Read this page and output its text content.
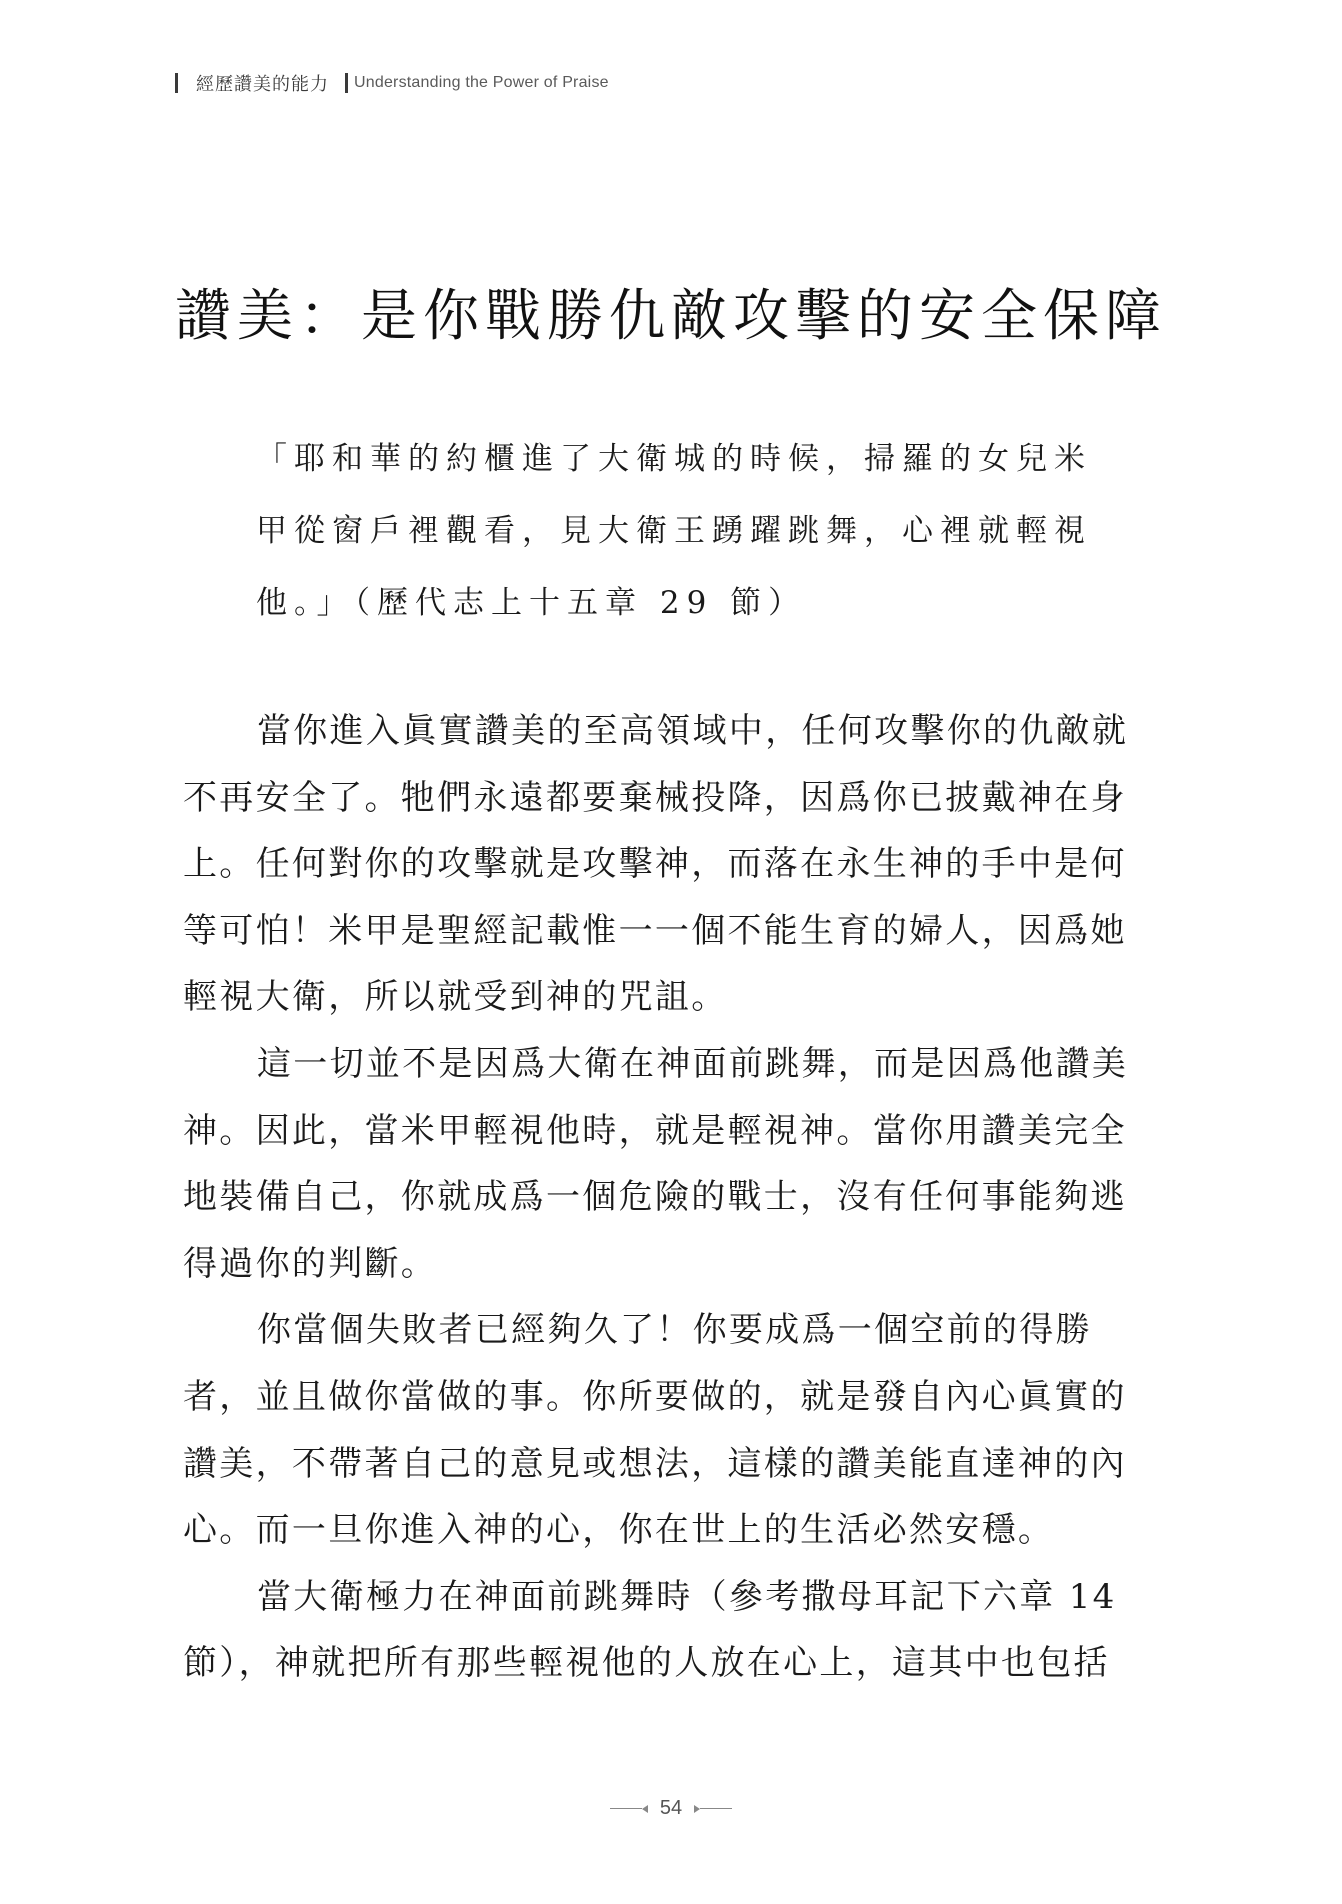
經歷讚美的能力 Understanding the Power of Praise
讚美：是你戰勝仇敵攻擊的安全保障
「耶和華的約櫃進了大衛城的時候，掃羅的女兒米
甲從窗戶裡觀看，見大衛王踴躍跳舞，心裡就輕視
他。」（歷代志上十五章 29 節）
當你進入眞實讚美的至高領域中，任何攻擊你的仇敵就
不再安全了。牠們永遠都要棄械投降，因爲你已披戴神在身
上。任何對你的攻擊就是攻擊神，而落在永生神的手中是何
等可怕！米甲是聖經記載惟一一個不能生育的婦人，因爲她
輕視大衛，所以就受到神的咒詛。
這一切並不是因爲大衛在神面前跳舞，而是因爲他讚美
神。因此，當米甲輕視他時，就是輕視神。當你用讚美完全
地裝備自己，你就成爲一個危險的戰士，沒有任何事能夠逃
得過你的判斷。
你當個失敗者已經夠久了！你要成爲一個空前的得勝
者，並且做你當做的事。你所要做的，就是發自內心眞實的
讚美，不帶著自己的意見或想法，這樣的讚美能直達神的內
心。而一旦你進入神的心，你在世上的生活必然安穩。
當大衛極力在神面前跳舞時（參考撒母耳記下六章 14
節），神就把所有那些輕視他的人放在心上，這其中也包括
54
